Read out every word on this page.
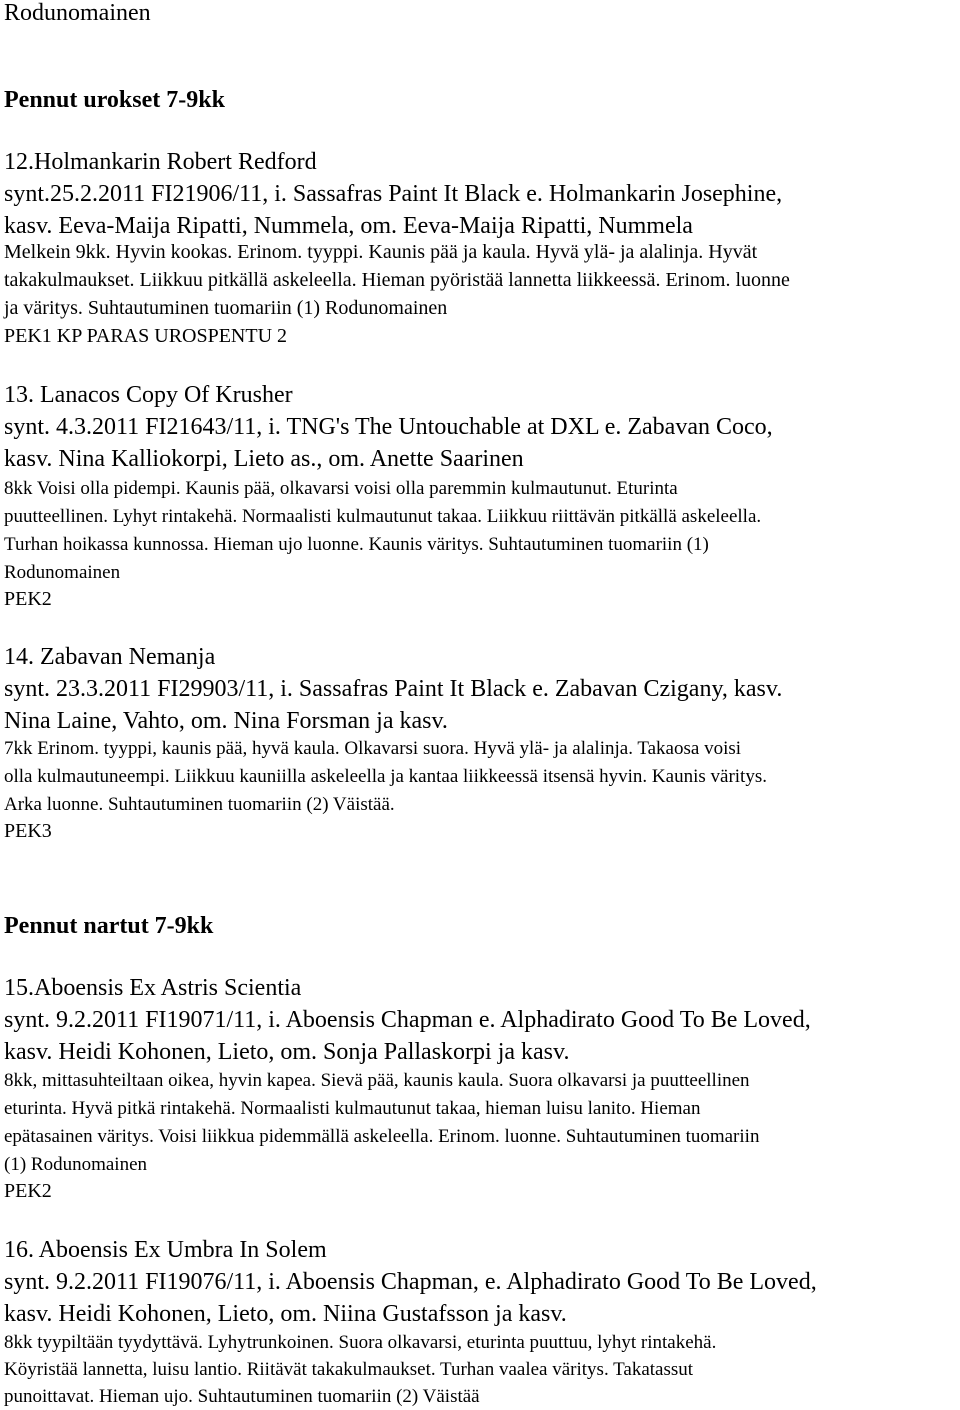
Rodunomainen
Pennut urokset 7-9kk
12.Holmankarin Robert Redford
synt.25.2.2011 FI21906/11, i. Sassafras Paint It Black e. Holmankarin Josephine,
kasv. Eeva-Maija Ripatti, Nummela, om. Eeva-Maija Ripatti, Nummela
Melkein 9kk. Hyvin kookas. Erinom. tyyppi. Kaunis pää ja kaula. Hyvä ylä- ja alalinja. Hyvät
takakulmaukset. Liikkuu pitkällä askeleella. Hieman pyöristää lannetta liikkeessä. Erinom. luonne
ja väritys. Suhtautuminen tuomariin (1) Rodunomainen
PEK1 KP PARAS UROSPENTU 2
13. Lanacos Copy Of Krusher
synt. 4.3.2011 FI21643/11, i. TNG's The Untouchable at DXL e. Zabavan Coco,
kasv. Nina Kalliokorpi, Lieto as., om. Anette Saarinen
8kk Voisi olla pidempi. Kaunis pää, olkavarsi voisi olla paremmin kulmautunut. Eturinta
puutteellinen. Lyhyt rintakehä. Normaalisti kulmautunut takaa. Liikkuu riittävän pitkällä askeleella.
Turhan hoikassa kunnossa. Hieman ujo luonne. Kaunis väritys. Suhtautuminen tuomariin (1)
Rodunomainen
PEK2
14. Zabavan Nemanja
synt. 23.3.2011 FI29903/11, i. Sassafras Paint It Black e. Zabavan Czigany, kasv.
Nina Laine, Vahto, om. Nina Forsman ja kasv.
7kk Erinom. tyyppi, kaunis pää, hyvä kaula. Olkavarsi suora. Hyvä ylä- ja alalinja. Takaosa voisi
olla kulmautuneempi. Liikkuu kauniilla askeleella ja kantaa liikkeessä itsensä hyvin. Kaunis väritys.
Arka luonne. Suhtautuminen tuomariin (2) Väistää.
PEK3
Pennut nartut 7-9kk
15.Aboensis Ex Astris Scientia
synt. 9.2.2011 FI19071/11, i. Aboensis Chapman e. Alphadirato Good To Be Loved,
kasv. Heidi Kohonen, Lieto, om. Sonja Pallaskorpi ja kasv.
8kk, mittasuhteiltaan oikea, hyvin kapea. Sievä pää, kaunis kaula. Suora olkavarsi ja puutteellinen
eturinta. Hyvä pitkä rintakehä. Normaalisti kulmautunut takaa, hieman luisu lanito. Hieman
epätasainen väritys. Voisi liikkua pidemmällä askeleella. Erinom. luonne. Suhtautuminen tuomariin
(1) Rodunomainen
PEK2
16. Aboensis Ex Umbra In Solem
synt. 9.2.2011 FI19076/11, i. Aboensis Chapman, e. Alphadirato Good To Be Loved,
kasv. Heidi Kohonen, Lieto, om. Niina Gustafsson ja kasv.
8kk tyypiltään tyydyttävä. Lyhytrunkoinen. Suora olkavarsi, eturinta puuttuu, lyhyt rintakehä.
Köyristää lannetta, luisu lantio. Riitävät takakulmaukset. Turhan vaalea väritys. Takatassut
punoittavat. Hieman ujo. Suhtautuminen tuomariin (2) Väistää
